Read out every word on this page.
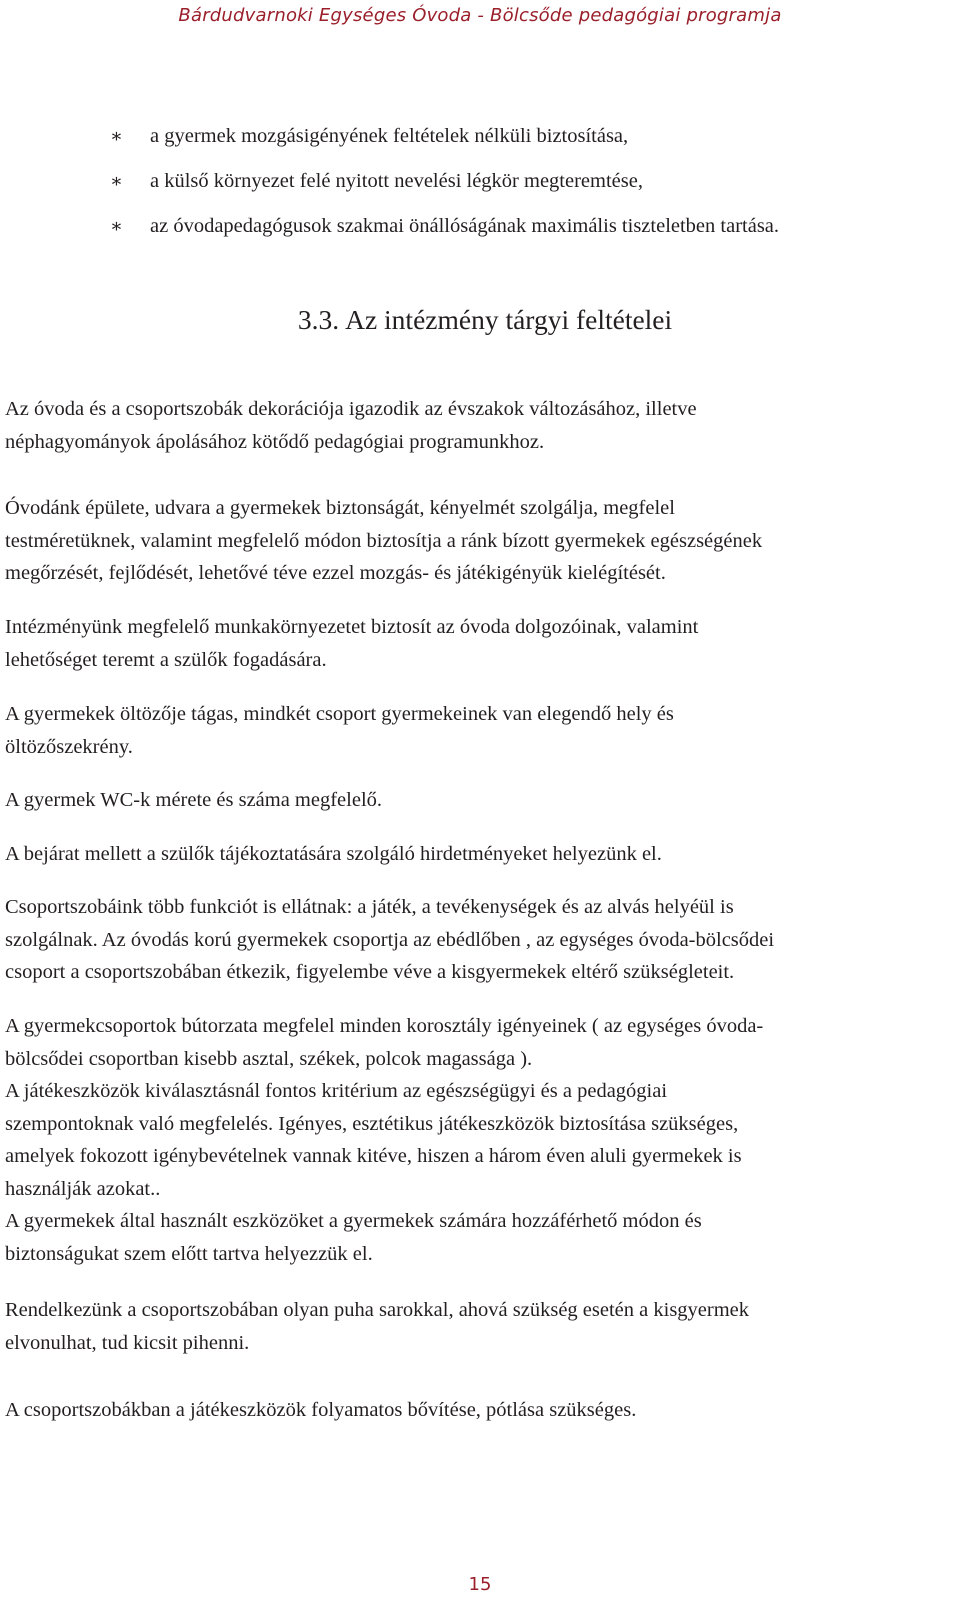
Bárdudvarnoki Egységes Óvoda - Bölcsőde pedagógiai programja
∗ a gyermek mozgásigényének feltételek nélküli biztosítása,
∗ a külső környezet felé nyitott nevelési légkör megteremtése,
∗ az óvodapedagógusok szakmai önállóságának maximális tiszteletben tartása.
3.3. Az intézmény tárgyi feltételei

Az óvoda és a csoportszobák dekorációja igazodik az évszakok változásához, illetve
néphagyományok ápolásához kötődő pedagógiai programunkhoz.

Óvodánk épülete, udvara a gyermekek biztonságát, kényelmét szolgálja, megfelel
testméretüknek, valamint megfelelő módon biztosítja a ránk bízott gyermekek egészségének
megőrzését, fejlődését, lehetővé téve ezzel mozgás- és játékigényük kielégítését.

Intézményünk megfelelő munkakörnyezetet biztosít az óvoda dolgozóinak, valamint
lehetőséget teremt a szülők fogadására.

A gyermekek öltözője tágas, mindkét csoport gyermekeinek van elegendő hely és
öltözőszekrény.

A gyermek WC-k mérete és száma megfelelő.

A bejárat mellett a szülők tájékoztatására szolgáló hirdetményeket helyezünk el.

Csoportszobáink több funkciót is ellátnak: a játék, a tevékenységek és az alvás helyéül is
szolgálnak. Az óvodás korú gyermekek csoportja az ebédlőben , az egységes óvoda-bölcsődei
csoport a csoportszobában étkezik, figyelembe véve a kisgyermekek eltérő szükségleteit.

A gyermekcsoportok bútorzata megfelel minden korosztály igényeinek ( az egységes óvoda-
bölcsődei csoportban kisebb asztal, székek, polcok magassága ).
A játékeszközök kiválasztásnál fontos kritérium az egészségügyi és a pedagógiai
szempontoknak való megfelelés. Igényes, esztétikus játékeszközök biztosítása szükséges,
amelyek fokozott igénybevételnek vannak kitéve, hiszen a három éven aluli gyermekek is
használják azokat..
A gyermekek által használt eszközöket a gyermekek számára hozzáférhető módon és
biztonságukat szem előtt tartva helyezzük el.

Rendelkezünk a csoportszobában olyan puha sarokkal, ahová szükség esetén a kisgyermek
elvonulhat, tud kicsit pihenni.

A csoportszobákban a játékeszközök folyamatos bővítése, pótlása szükséges.

15
